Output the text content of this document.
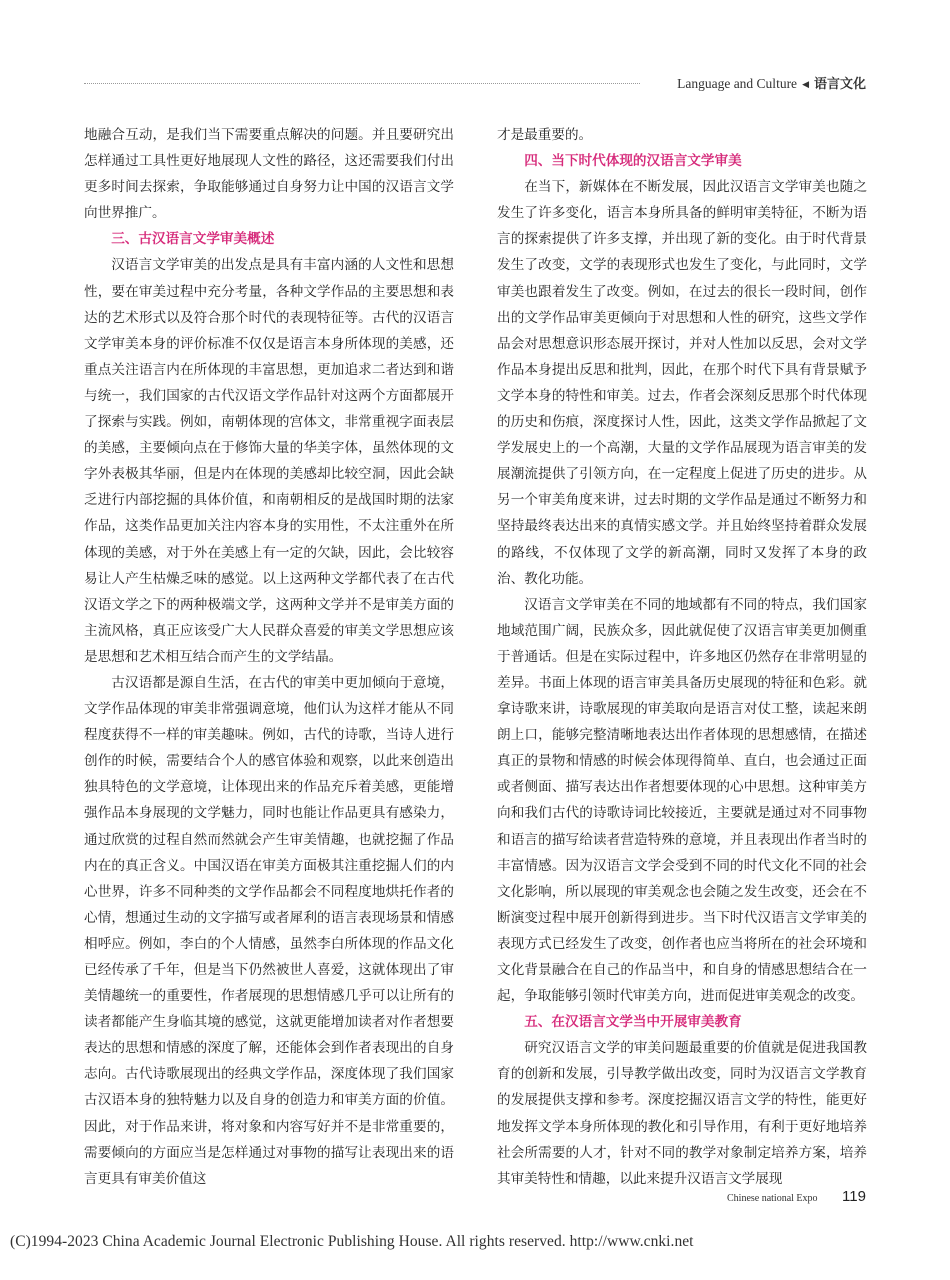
Language and Culture ◀ 语言文化

地融合互动，是我们当下需要重点解决的问题。并且要研究出怎样通过工具性更好地展现人文性的路径，这还需要我们付出更多时间去探索，争取能够通过自身努力让中国的汉语言文学向世界推广。

三、古汉语言文学审美概述

汉语言文学审美的出发点是具有丰富内涵的人文性和思想性，要在审美过程中充分考量，各种文学作品的主要思想和表达的艺术形式以及符合那个时代的表现特征等。古代的汉语言文学审美本身的评价标准不仅仅是语言本身所体现的美感，还重点关注语言内在所体现的丰富思想，更加追求二者达到和谐与统一，我们国家的古代汉语文学作品针对这两个方面都展开了探索与实践。例如，南朝体现的宫体文，非常重视字面表层的美感，主要倾向点在于修饰大量的华美字体，虽然体现的文字外表极其华丽，但是内在体现的美感却比较空洞，因此会缺乏进行内部挖掘的具体价值，和南朝相反的是战国时期的法家作品，这类作品更加关注内容本身的实用性，不太注重外在所体现的美感，对于外在美感上有一定的欠缺，因此，会比较容易让人产生枯燥乏味的感觉。以上这两种文学都代表了在古代汉语文学之下的两种极端文学，这两种文学并不是审美方面的主流风格，真正应该受广大人民群众喜爱的审美文学思想应该是思想和艺术相互结合而产生的文学结晶。

古汉语都是源自生活，在古代的审美中更加倾向于意境，文学作品体现的审美非常强调意境，他们认为这样才能从不同程度获得不一样的审美趣味。例如，古代的诗歌，当诗人进行创作的时候，需要结合个人的感官体验和观察，以此来创造出独具特色的文学意境，让体现出来的作品充斥着美感，更能增强作品本身展现的文学魅力，同时也能让作品更具有感染力，通过欣赏的过程自然而然就会产生审美情趣，也就挖掘了作品内在的真正含义。中国汉语在审美方面极其注重挖掘人们的内心世界，许多不同种类的文学作品都会不同程度地烘托作者的心情，想通过生动的文字描写或者犀利的语言表现场景和情感相呼应。例如，李白的个人情感，虽然李白所体现的作品文化已经传承了千年，但是当下仍然被世人喜爱，这就体现出了审美情趣统一的重要性，作者展现的思想情感几乎可以让所有的读者都能产生身临其境的感觉，这就更能增加读者对作者想要表达的思想和情感的深度了解，还能体会到作者表现出的自身志向。古代诗歌展现出的经典文学作品，深度体现了我们国家古汉语本身的独特魅力以及自身的创造力和审美方面的价值。因此，对于作品来讲，将对象和内容写好并不是非常重要的，需要倾向的方面应当是怎样通过对事物的描写让表现出来的语言更具有审美价值这

才是最重要的。

四、当下时代体现的汉语言文学审美

在当下，新媒体在不断发展，因此汉语言文学审美也随之发生了许多变化，语言本身所具备的鲜明审美特征，不断为语言的探索提供了许多支撑，并出现了新的变化。由于时代背景发生了改变，文学的表现形式也发生了变化，与此同时，文学审美也跟着发生了改变。例如，在过去的很长一段时间，创作出的文学作品审美更倾向于对思想和人性的研究，这些文学作品会对思想意识形态展开探讨，并对人性加以反思，会对文学作品本身提出反思和批判，因此，在那个时代下具有背景赋予文学本身的特性和审美。过去，作者会深刻反思那个时代体现的历史和伤痕，深度探讨人性，因此，这类文学作品掀起了文学发展史上的一个高潮，大量的文学作品展现为语言审美的发展潮流提供了引领方向，在一定程度上促进了历史的进步。从另一个审美角度来讲，过去时期的文学作品是通过不断努力和坚持最终表达出来的真情实感文学。并且始终坚持着群众发展的路线，不仅体现了文学的新高潮，同时又发挥了本身的政治、教化功能。

汉语言文学审美在不同的地域都有不同的特点，我们国家地域范围广阔，民族众多，因此就促使了汉语言审美更加侧重于普通话。但是在实际过程中，许多地区仍然存在非常明显的差异。书面上体现的语言审美具备历史展现的特征和色彩。就拿诗歌来讲，诗歌展现的审美取向是语言对仗工整，读起来朗朗上口，能够完整清晰地表达出作者体现的思想感情，在描述真正的景物和情感的时候会体现得简单、直白，也会通过正面或者侧面、描写表达出作者想要体现的心中思想。这种审美方向和我们古代的诗歌诗词比较接近，主要就是通过对不同事物和语言的描写给读者营造特殊的意境，并且表现出作者当时的丰富情感。因为汉语言文学会受到不同的时代文化不同的社会文化影响，所以展现的审美观念也会随之发生改变，还会在不断演变过程中展开创新得到进步。当下时代汉语言文学审美的表现方式已经发生了改变，创作者也应当将所在的社会环境和文化背景融合在自己的作品当中，和自身的情感思想结合在一起，争取能够引领时代审美方向，进而促进审美观念的改变。

五、在汉语言文学当中开展审美教育

研究汉语言文学的审美问题最重要的价值就是促进我国教育的创新和发展，引导教学做出改变，同时为汉语言文学教育的发展提供支撑和参考。深度挖掘汉语言文学的特性，能更好地发挥文学本身所体现的教化和引导作用，有利于更好地培养社会所需要的人才，针对不同的教学对象制定培养方案，培养其审美特性和情趣，以此来提升汉语言文学展现

Chinese national Expo 119
(C)1994-2023 China Academic Journal Electronic Publishing House. All rights reserved. http://www.cnki.net
